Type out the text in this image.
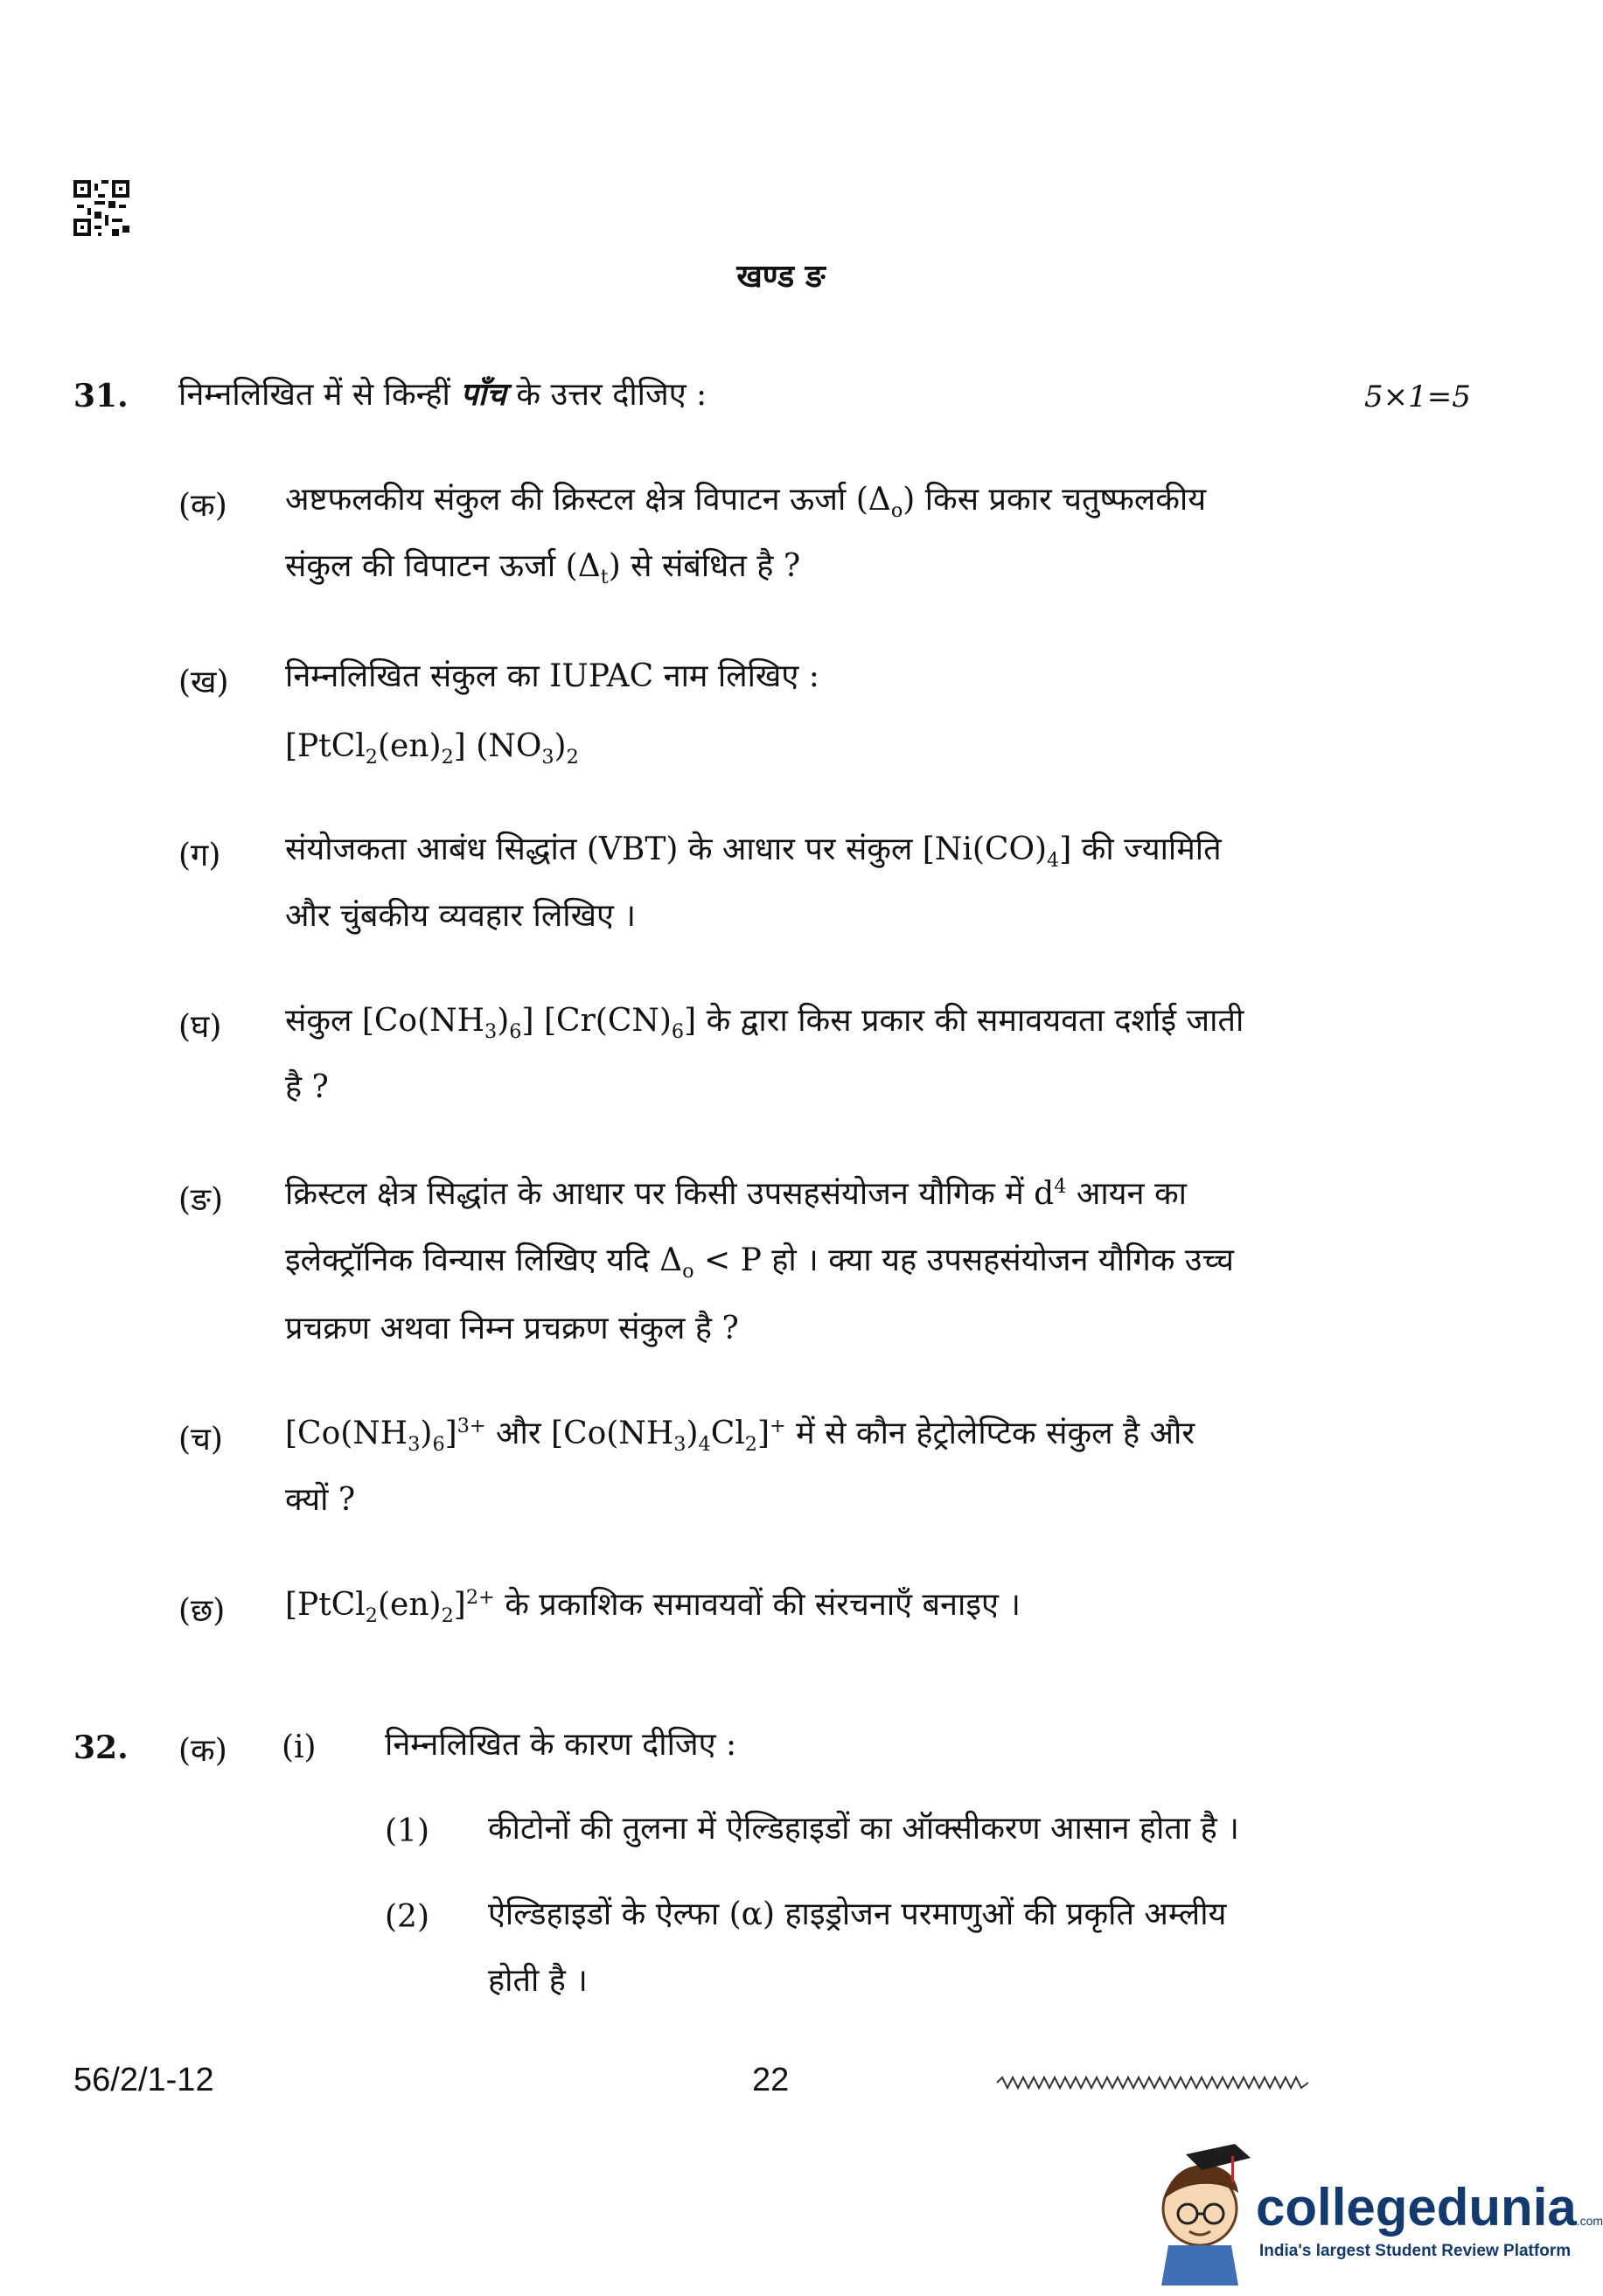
खण्ड ङ
31. निम्नलिखित में से किन्हीं पाँच के उत्तर दीजिए :	5×1=5
(क) अष्टफलकीय संकुल की क्रिस्टल क्षेत्र विपाटन ऊर्जा $(\Delta_o)$ किस प्रकार चतुष्फलकीय
संकुल की विपाटन ऊर्जा $(\Delta_t)$ से संबंधित है ?
(ख) निम्नलिखित संकुल का IUPAC नाम लिखिए :
$[PtCl_2(en)_2]$ $(NO_3)_2$
(ग) संयोजकता आबंध सिद्धांत (VBT) के आधार पर संकुल $[Ni(CO)_4]$ की ज्यामिति
और चुंबकीय व्यवहार लिखिए ।
(घ) संकुल $[Co(NH_3)_6]$ $[Cr(CN)_6]$ के द्वारा किस प्रकार की समावयवता दर्शाई जाती
है ?
(ङ) क्रिस्टल क्षेत्र सिद्धांत के आधार पर किसी उपसहसंयोजन यौगिक में $d^4$ आयन का
इलेक्ट्रॉनिक विन्यास लिखिए यदि $\Delta_o < P$ हो । क्या यह उपसहसंयोजन यौगिक उच्च
प्रचक्रण अथवा निम्न प्रचक्रण संकुल है ?
(च) $[Co(NH_3)_6]^{3+}$ और $[Co(NH_3)_4Cl_2]^+$ में से कौन हेट्रोलेप्टिक संकुल है और
क्यों ?
(छ) $[PtCl_2(en)_2]^{2+}$ के प्रकाशिक समावयवों की संरचनाएँ बनाइए ।
32. (क) (i) निम्नलिखित के कारण दीजिए :
(1) कीटोनों की तुलना में ऐल्डिहाइडों का ऑक्सीकरण आसान होता है ।
(2) ऐल्डिहाइडों के ऐल्फा (α) हाइड्रोजन परमाणुओं की प्रकृति अम्लीय
होती है ।
56/2/1-12	22
collegedunia.com
India's largest Student Review Platform
